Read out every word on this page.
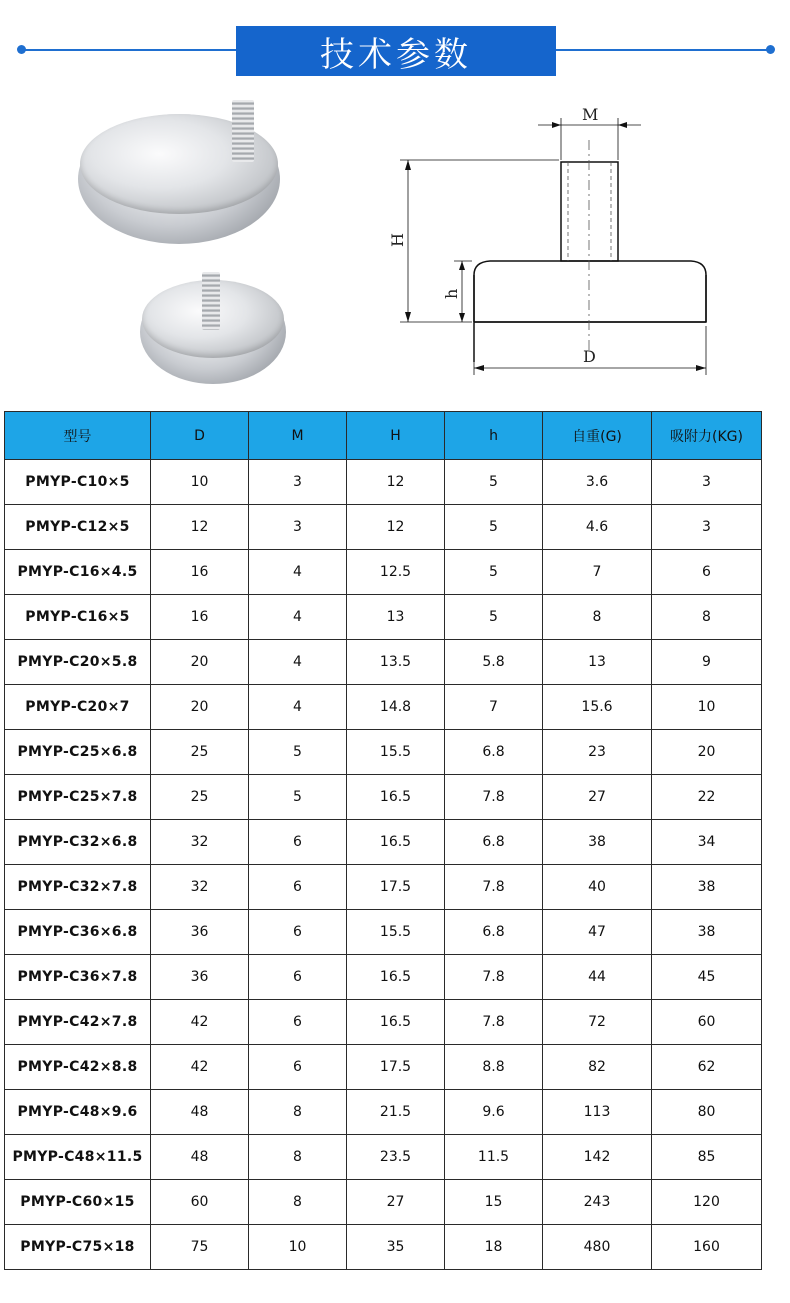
技术参数
M
H
h
D
型号	D	M	H	h	自重(G)	吸附力(KG)
PMYP-C10×5	10	3	12	5	3.6	3
PMYP-C12×5	12	3	12	5	4.6	3
PMYP-C16×4.5	16	4	12.5	5	7	6
PMYP-C16×5	16	4	13	5	8	8
PMYP-C20×5.8	20	4	13.5	5.8	13	9
PMYP-C20×7	20	4	14.8	7	15.6	10
PMYP-C25×6.8	25	5	15.5	6.8	23	20
PMYP-C25×7.8	25	5	16.5	7.8	27	22
PMYP-C32×6.8	32	6	16.5	6.8	38	34
PMYP-C32×7.8	32	6	17.5	7.8	40	38
PMYP-C36×6.8	36	6	15.5	6.8	47	38
PMYP-C36×7.8	36	6	16.5	7.8	44	45
PMYP-C42×7.8	42	6	16.5	7.8	72	60
PMYP-C42×8.8	42	6	17.5	8.8	82	62
PMYP-C48×9.6	48	8	21.5	9.6	113	80
PMYP-C48×11.5	48	8	23.5	11.5	142	85
PMYP-C60×15	60	8	27	15	243	120
PMYP-C75×18	75	10	35	18	480	160
